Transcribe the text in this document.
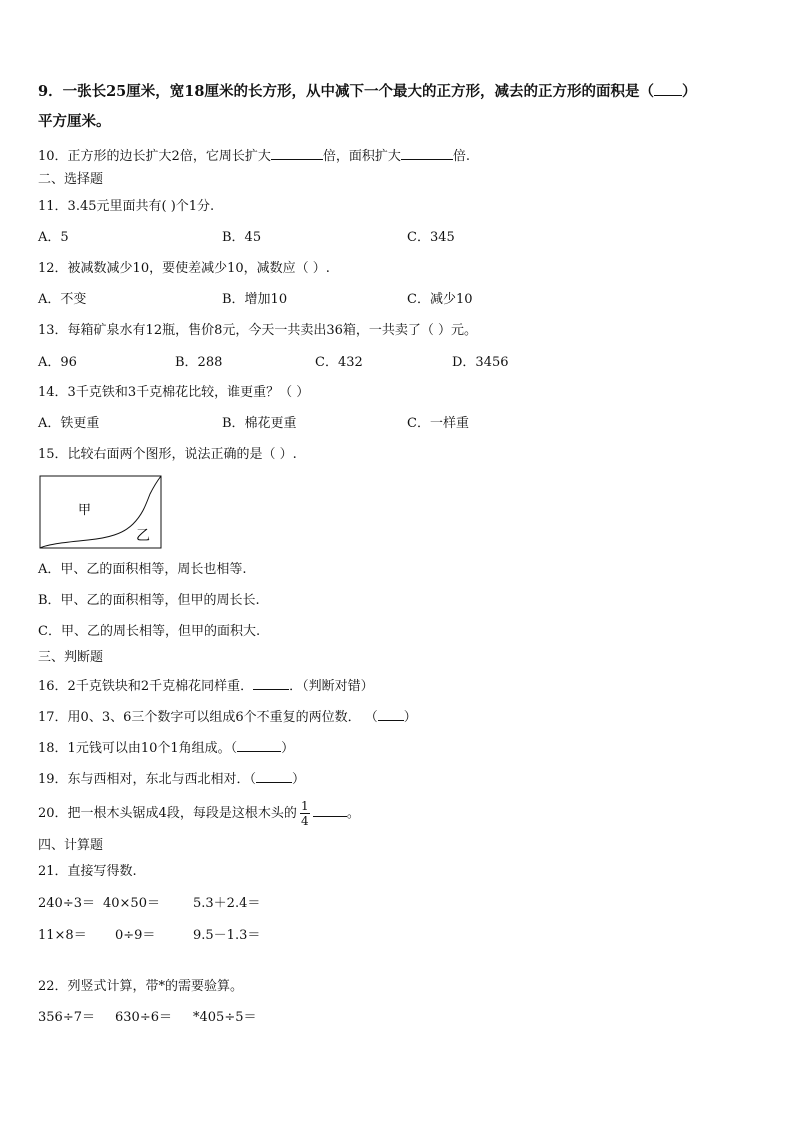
9．一张长25厘米，宽18厘米的长方形，从中减下一个最大的正方形，减去的正方形的面积是（ ）
平方厘米。
10．正方形的边长扩大2倍，它周长扩大	倍，面积扩大	倍.
二、选择题
11．3.45元里面共有( )个1分.
A．5	B．45	C．345
12．被减数减少10，要使差减少10，减数应（ ）.
A．不变	B．增加10	C．减少10
13．每箱矿泉水有12瓶，售价8元，今天一共卖出36箱，一共卖了（ ）元。
A．96	B．288	C．432	D．3456
14．3千克铁和3千克棉花比较，谁更重？（ ）
A．铁更重	B．棉花更重	C．一样重
15．比较右面两个图形，说法正确的是（ ）.
甲
乙
A．甲、乙的面积相等，周长也相等.
B．甲、乙的面积相等，但甲的周长长.
C．甲、乙的周长相等，但甲的面积大.
三、判断题
16．2千克铁块和2千克棉花同样重．	．（判断对错）
17．用0、3、6三个数字可以组成6个不重复的两位数． （ ）
18．1元钱可以由10个1角组成。（	）
19．东与西相对，东北与西北相对．（	）
20．把一根木头锯成4段，每段是这根木头的 $\frac{1}{4}$	。
四、计算题
21．直接写得数.
240÷3＝ 40×50＝	5.3＋2.4＝
11×8＝ 0÷9＝	9.5－1.3＝
22．列竖式计算，带*的需要验算。
356÷7＝ 630÷6＝ *405÷5＝
